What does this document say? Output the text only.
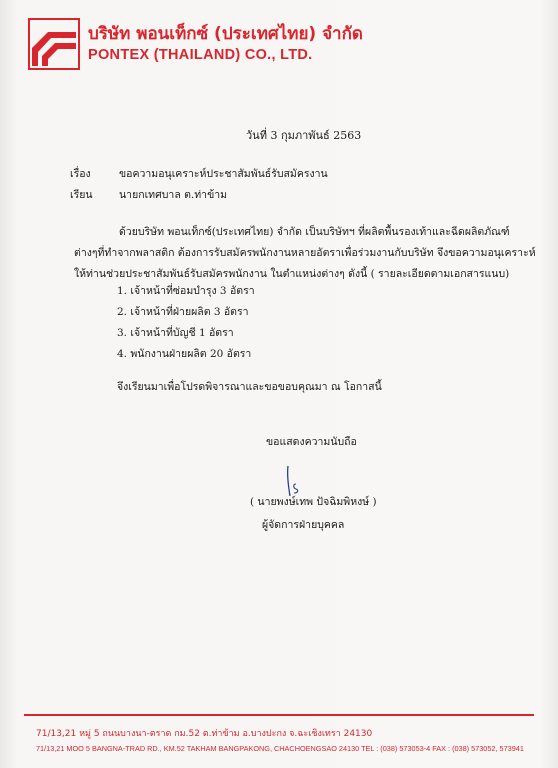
บริษัท พอนเท็กซ์ (ประเทศไทย) จำกัด
PONTEX (THAILAND) CO., LTD.
วันที่ 3 กุมภาพันธ์ 2563
เรื่อง	ขอความอนุเคราะห์ประชาสัมพันธ์รับสมัครงาน
เรียน	นายกเทศบาล ต.ท่าข้าม
ด้วยบริษัท พอนเท็กซ์(ประเทศไทย) จำกัด เป็นบริษัทฯ ที่ผลิตพื้นรองเท้าและฉีดผลิตภัณฑ์
ต่างๆที่ทำจากพลาสติก ต้องการรับสมัครพนักงานหลายอัตราเพื่อร่วมงานกับบริษัท จึงขอความอนุเคราะห์
ให้ท่านช่วยประชาสัมพันธ์รับสมัครพนักงาน ในตำแหน่งต่างๆ ดังนี้ ( รายละเอียดตามเอกสารแนบ)
1. เจ้าหน้าที่ซ่อมบำรุง 3 อัตรา
2. เจ้าหน้าที่ฝ่ายผลิต 3 อัตรา
3. เจ้าหน้าที่บัญชี 1 อัตรา
4. พนักงานฝ่ายผลิต 20 อัตรา
จึงเรียนมาเพื่อโปรดพิจารณาและขอขอบคุณมา ณ โอกาสนี้
ขอแสดงความนับถือ
( นายพงษ์เทพ ปัจฉิมพิหงษ์ )
ผู้จัดการฝ่ายบุคคล
71/13,21 หมู่ 5 ถนนบางนา-ตราด กม.52 ต.ท่าข้าม อ.บางปะกง จ.ฉะเชิงเทรา 24130
71/13,21 MOO 5 BANGNA-TRAD RD., KM.52 TAKHAM BANGPAKONG, CHACHOENGSAO 24130 TEL : (038) 573053-4 FAX : (038) 573052, 573941
